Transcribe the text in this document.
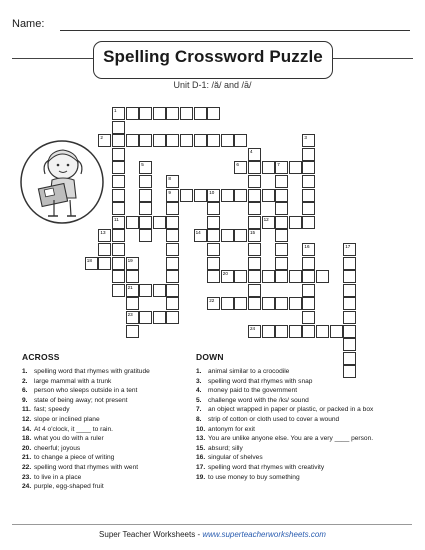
Name:
Spelling Crossword Puzzle
Unit D-1: /ă/ and /ā/
1
11
2	3
4
5	6	7
8
9	10
12
13	14	15
16	17
18	19
21
23
20
22
24
ACROSS
1. spelling word that rhymes with gratitude
2. large mammal with a trunk
6. person who sleeps outside in a tent
9. state of being away; not present
11. fast; speedy
12. slope or inclined plane
14. At 4 o'clock, it ____ to rain.
18. what you do with a ruler
20. cheerful; joyous
21. to change a piece of writing
22. spelling word that rhymes with went
23. to live in a place
24. purple, egg-shaped fruit
DOWN
1. animal similar to a crocodile
3. spelling word that rhymes with snap
4. money paid to the government
5. challenge word with the /ks/ sound
7. an object wrapped in paper or plastic, or packed in a box
8. strip of cotton or cloth used to cover a wound
10. antonym for exit
13. You are unlike anyone else. You are a very ____ person.
15. absurd; silly
16. singular of shelves
17. spelling word that rhymes with creativity
19. to use money to buy something
Super Teacher Worksheets - www.superteacherworksheets.com
